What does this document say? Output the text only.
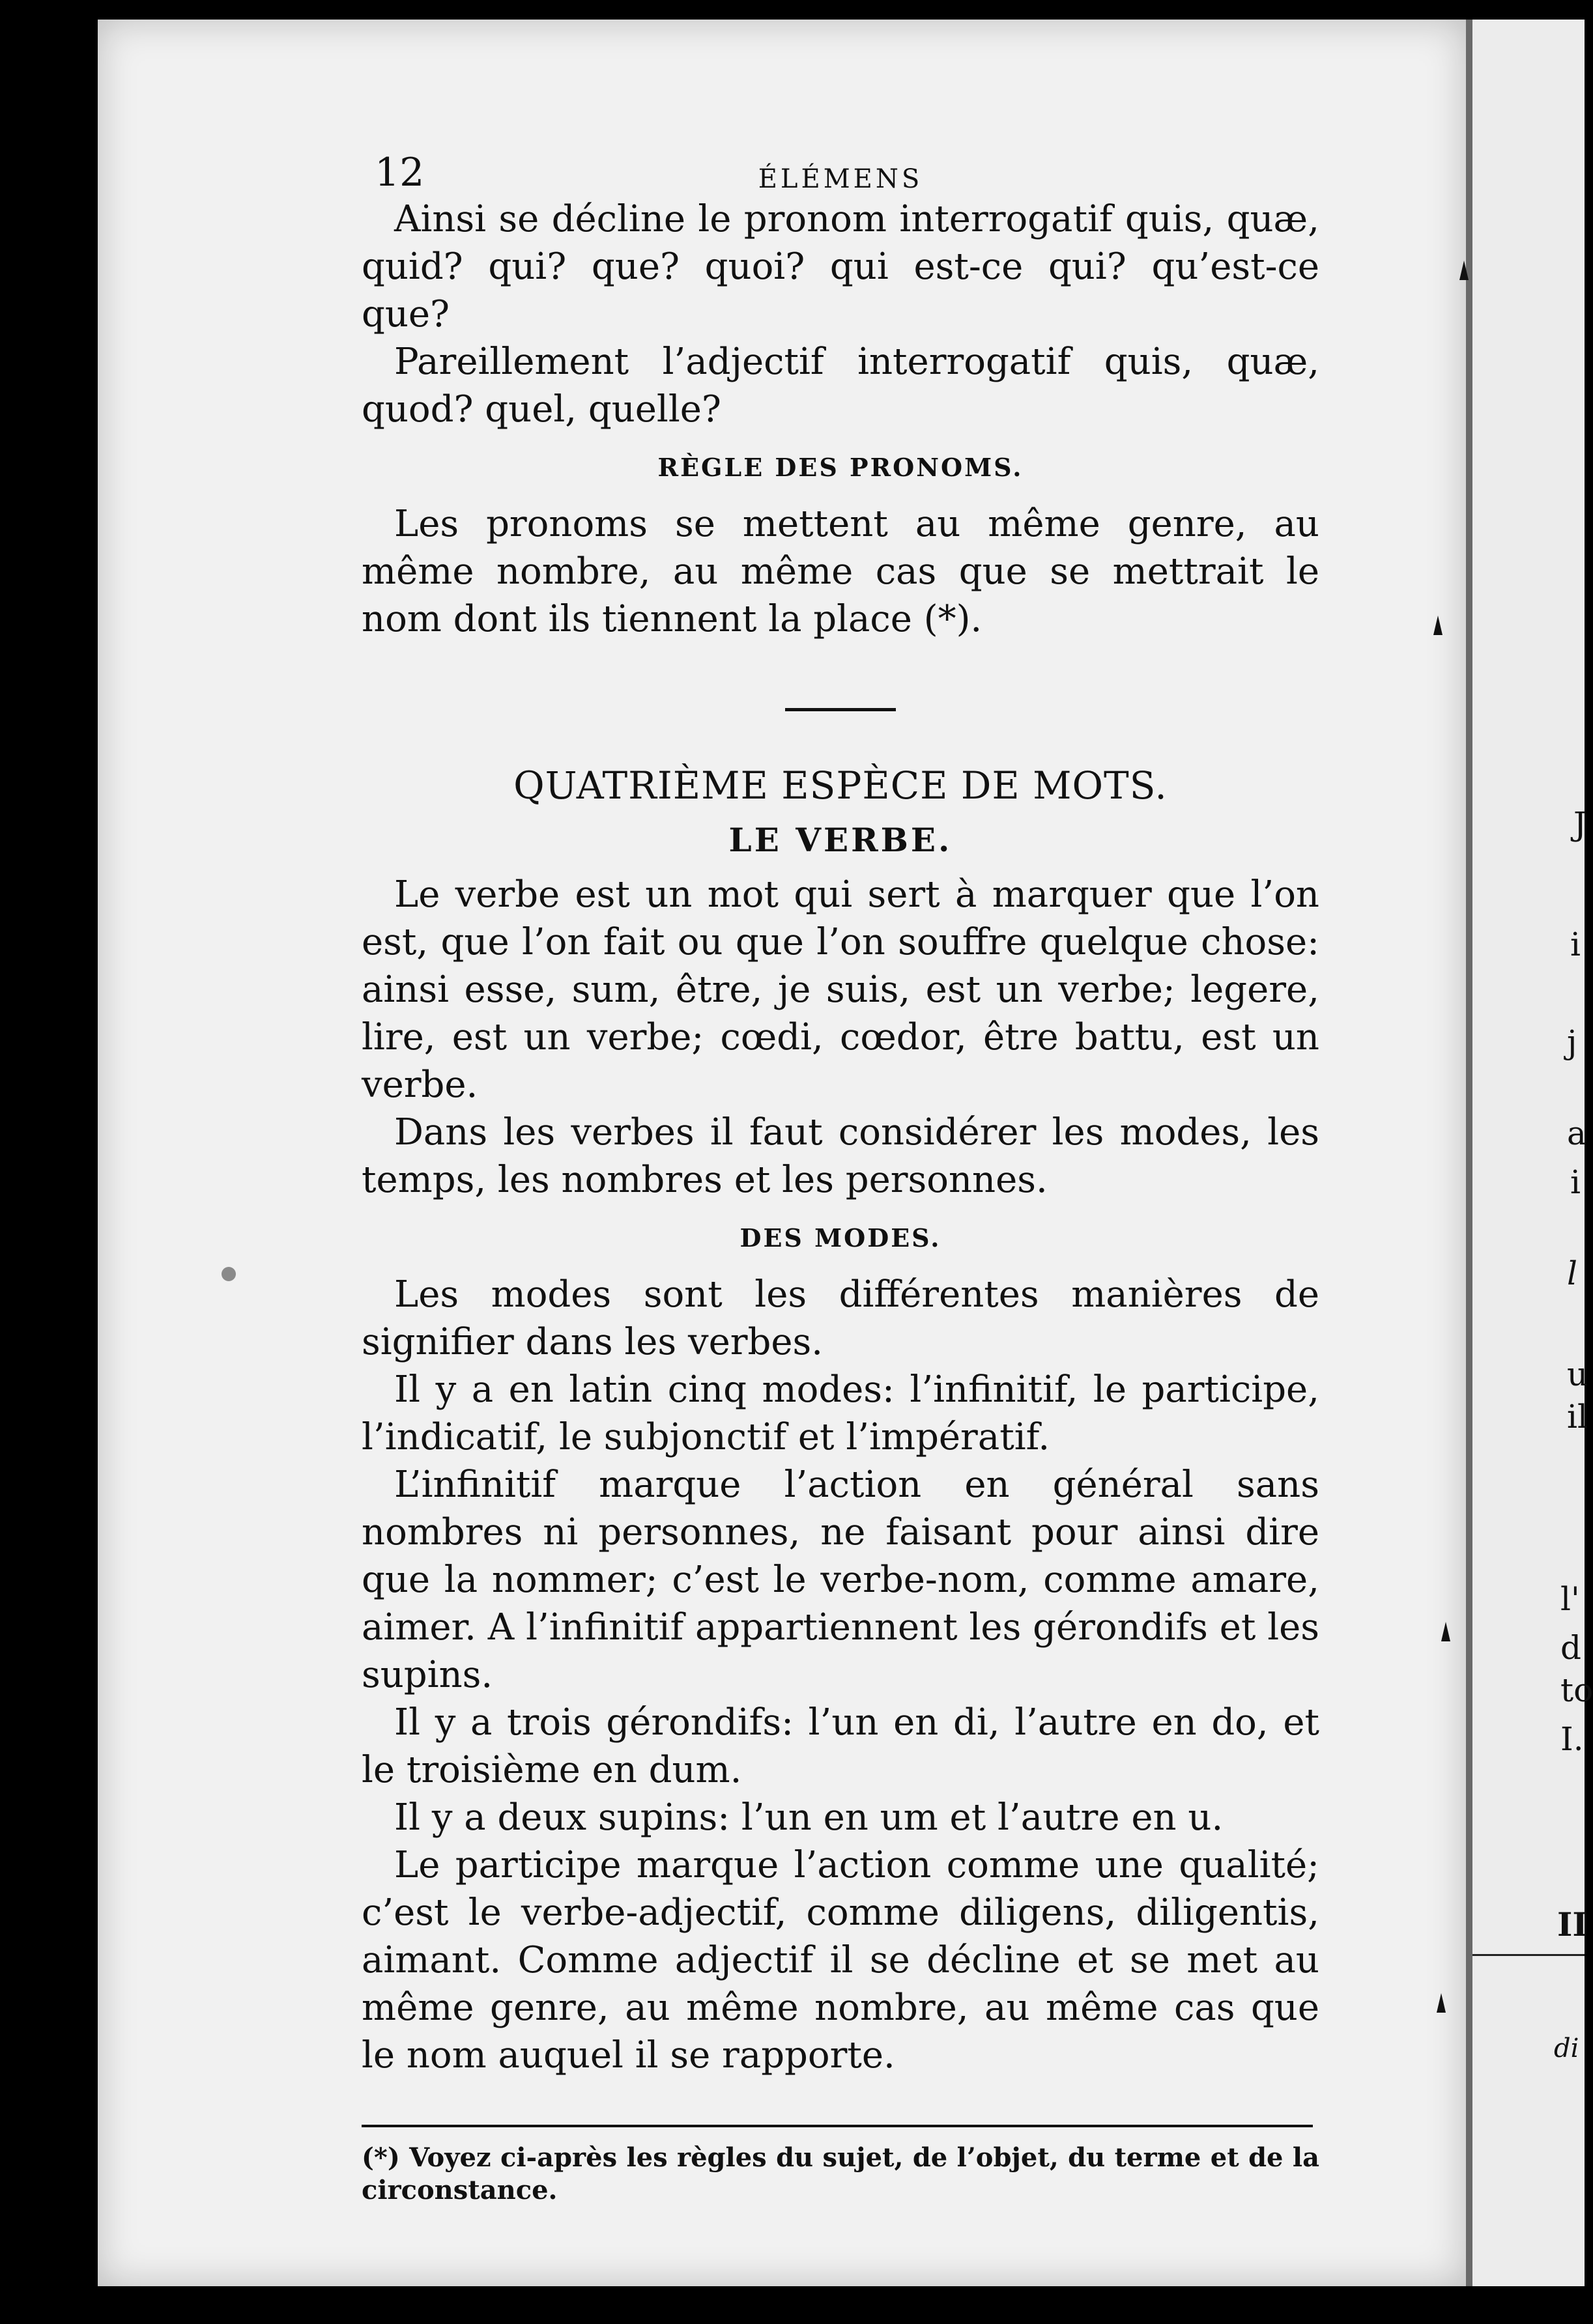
J
i
j
a
i
l
u
il
l'
d
to
I.
II
di
12	ÉLÉMENS

Ainsi se décline le pronom interrogatif quis, quæ, quid? qui? que? quoi? qui est-ce qui? qu’est-ce que?

Pareillement l’adjectif interrogatif quis, quæ, quod? quel, quelle?

RÈGLE DES PRONOMS.

Les pronoms se mettent au même genre, au même nombre, au même cas que se mettrait le nom dont ils tiennent la place (*).

QUATRIÈME ESPÈCE DE MOTS.
LE VERBE.

Le verbe est un mot qui sert à marquer que l’on est, que l’on fait ou que l’on souffre quelque chose: ainsi esse, sum, être, je suis, est un verbe; legere, lire, est un verbe; cœdi, cœdor, être battu, est un verbe.

Dans les verbes il faut considérer les modes, les temps, les nombres et les personnes.

DES MODES.

Les modes sont les différentes manières de signifier dans les verbes.

Il y a en latin cinq modes: l’infinitif, le participe, l’indicatif, le subjonctif et l’impératif.

L’infinitif marque l’action en général sans nombres ni personnes, ne faisant pour ainsi dire que la nommer; c’est le verbe-nom, comme amare, aimer. A l’infinitif appartiennent les gérondifs et les supins.

Il y a trois gérondifs: l’un en di, l’autre en do, et le troisième en dum.

Il y a deux supins: l’un en um et l’autre en u.

Le participe marque l’action comme une qualité; c’est le verbe-adjectif, comme diligens, diligentis, aimant. Comme adjectif il se décline et se met au même genre, au même nombre, au même cas que le nom auquel il se rapporte.

(*) Voyez ci-après les règles du sujet, de l’objet, du terme et de la circonstance.
